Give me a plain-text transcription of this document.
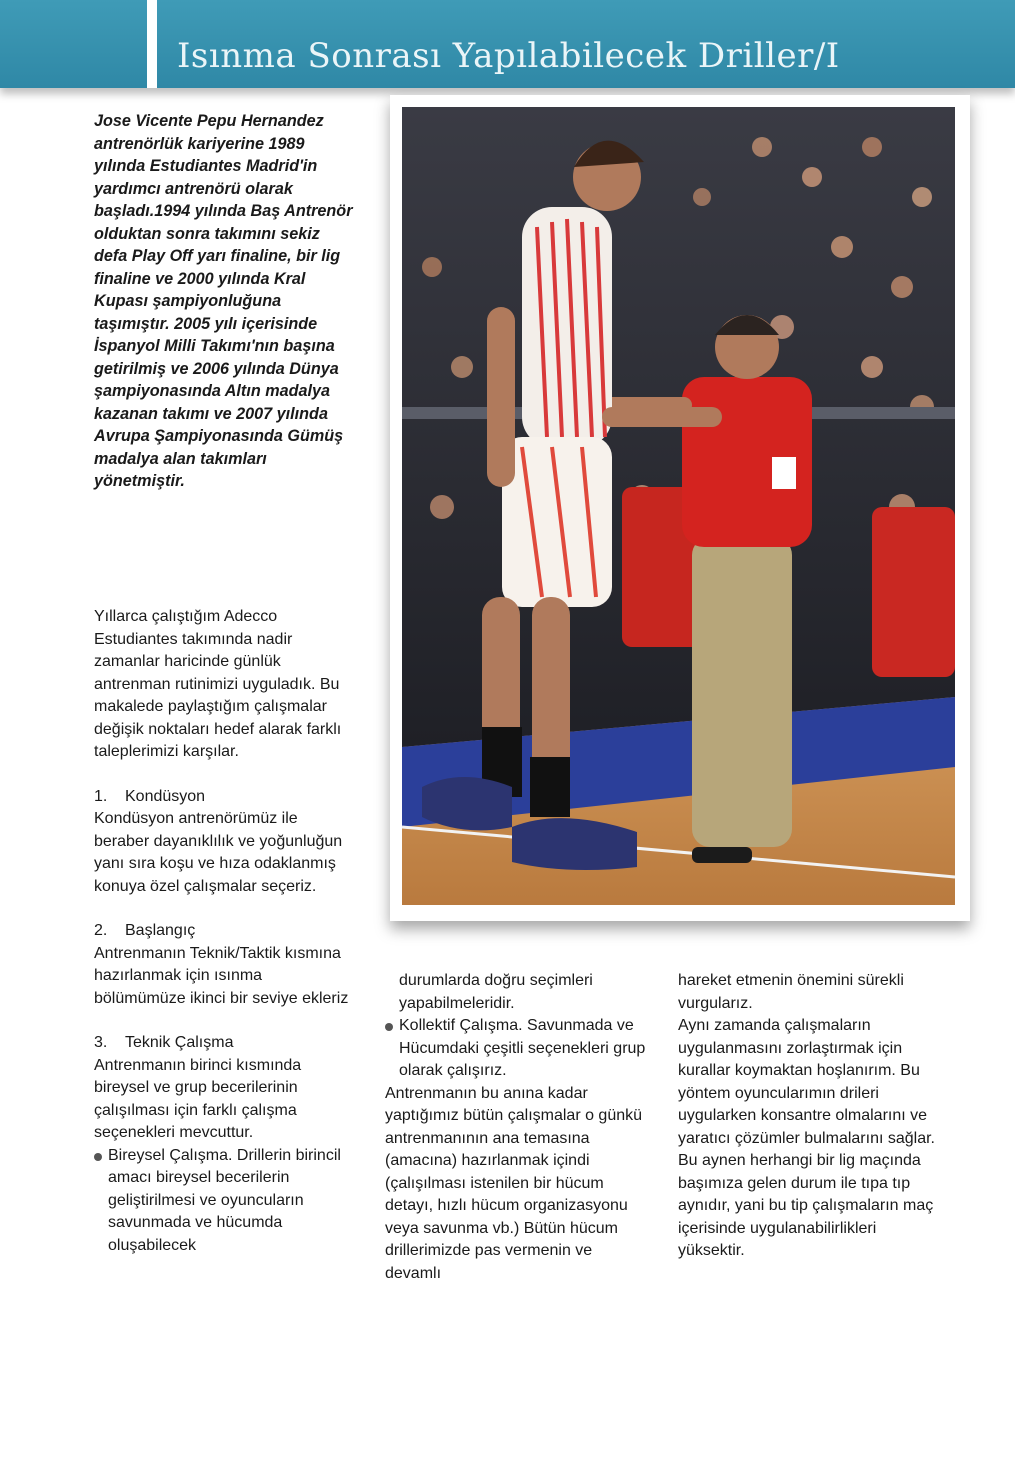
Isınma Sonrası Yapılabilecek Driller/I
Jose Vicente Pepu Hernandez antrenörlük kariyerine 1989 yılında Estudiantes Madrid'in yardımcı antrenörü olarak başladı.1994 yılında Baş Antrenör olduktan sonra takımını sekiz defa Play Off yarı finaline, bir lig finaline ve 2000 yılında Kral Kupası şampiyonluğuna taşımıştır. 2005 yılı içerisinde İspanyol Milli Takımı'nın başına getirilmiş ve 2006 yılında Dünya şampiyonasında Altın madalya kazanan takımı ve 2007 yılında Avrupa Şampiyonasında Gümüş madalya alan takımları yönetmiştir.

Yıllarca çalıştığım Adecco Estudiantes takımında nadir zamanlar haricinde günlük antrenman rutinimizi uyguladık. Bu makalede paylaştığım çalışmalar değişik noktaları hedef alarak farklı taleplerimizi karşılar.

1. Kondüsyon

Kondüsyon antrenörümüz ile beraber dayanıklılık ve yoğunluğun yanı sıra koşu ve hıza odaklanmış konuya özel çalışmalar seçeriz.

2. Başlangıç

Antrenmanın Teknik/Taktik kısmına hazırlanmak için ısınma bölümümüze ikinci bir seviye ekleriz

3. Teknik Çalışma

Antrenmanın birinci kısmında bireysel ve grup becerilerinin çalışılması için farklı çalışma seçenekleri mevcuttur.

Bireysel Çalışma. Drillerin birincil amacı bireysel becerilerin geliştirilmesi ve oyuncuların savunmada ve hücumda oluşabilecek

durumlarda doğru seçimleri yapabilmeleridir.

Kollektif Çalışma. Savunmada ve Hücumdaki çeşitli seçenekleri grup olarak çalışırız.

Antrenmanın bu anına kadar yaptığımız bütün çalışmalar o günkü antrenmanının ana temasına (amacına) hazırlanmak içindi (çalışılması istenilen bir hücum detayı, hızlı hücum organizasyonu veya savunma vb.) Bütün hücum drillerimizde pas vermenin ve devamlı

hareket etmenin önemini sürekli vurgularız.

Aynı zamanda çalışmaların uygulanmasını zorlaştırmak için kurallar koymaktan hoşlanırım. Bu yöntem oyuncularımın drileri uygularken konsantre olmalarını ve yaratıcı çözümler bulmalarını sağlar. Bu aynen herhangi bir lig maçında başımıza gelen durum ile tıpa tıp aynıdır, yani bu tip çalışmaların maç içerisinde uygulanabilirlikleri yüksektir.
